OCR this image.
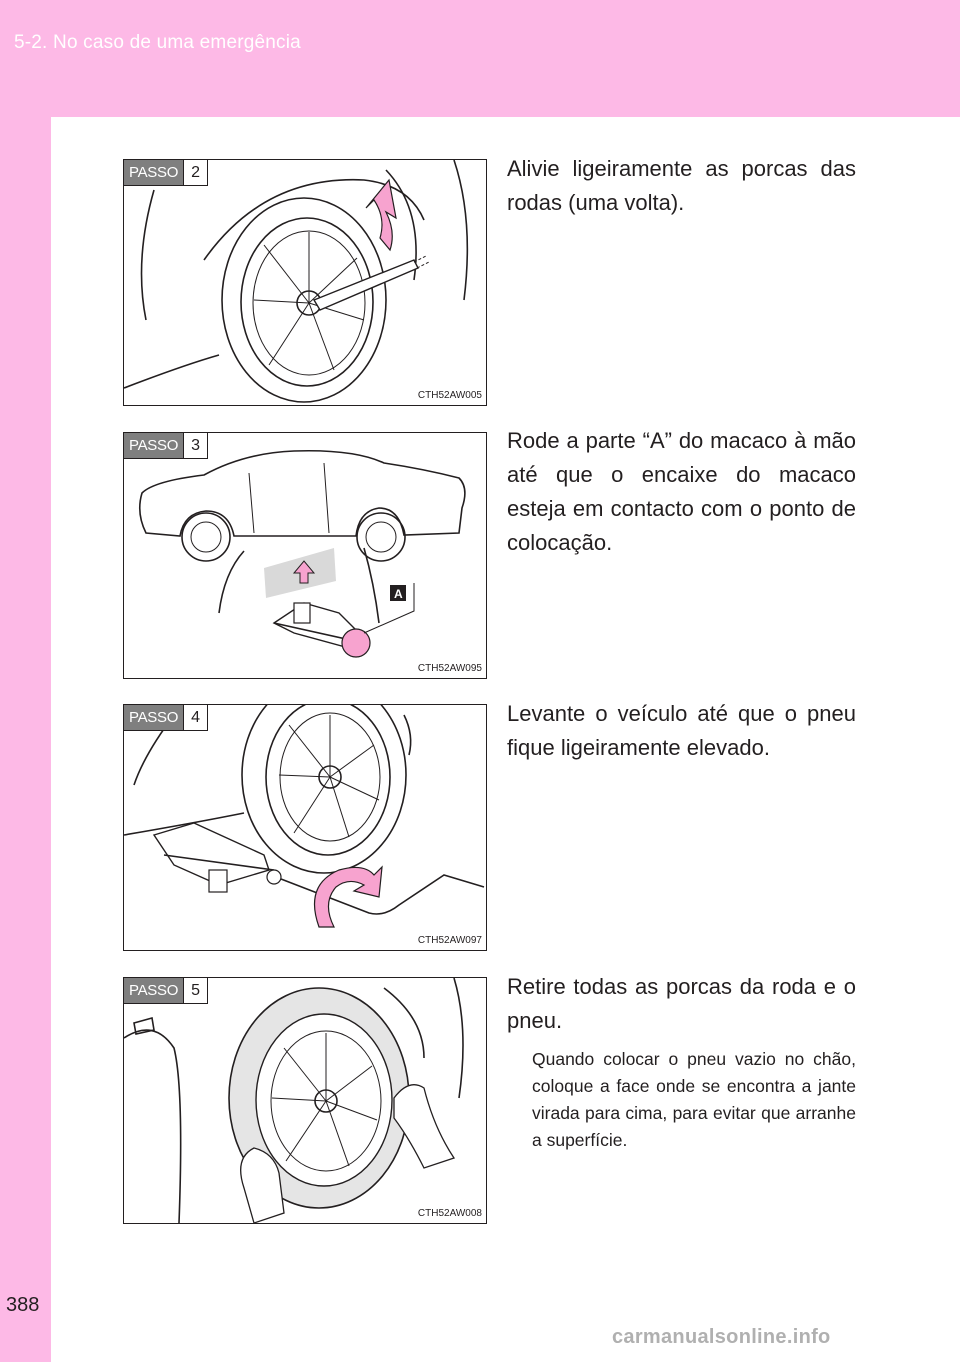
5-2. No caso de uma emergência
PASSO 2
CTH52AW005
Alivie ligeiramente as porcas das rodas (uma volta).
A
PASSO 3
CTH52AW095
Rode a parte “A” do macaco à mão até que o encaixe do macaco esteja em contacto com o ponto de colocação.
PASSO 4
CTH52AW097
Levante o veículo até que o pneu fique ligeiramente elevado.
PASSO 5
CTH52AW008
Retire todas as porcas da roda e o pneu.
Quando colocar o pneu vazio no chão, coloque a face onde se encontra a jante virada para cima, para evitar que arranhe a superfície.
388
carmanualsonline.info
